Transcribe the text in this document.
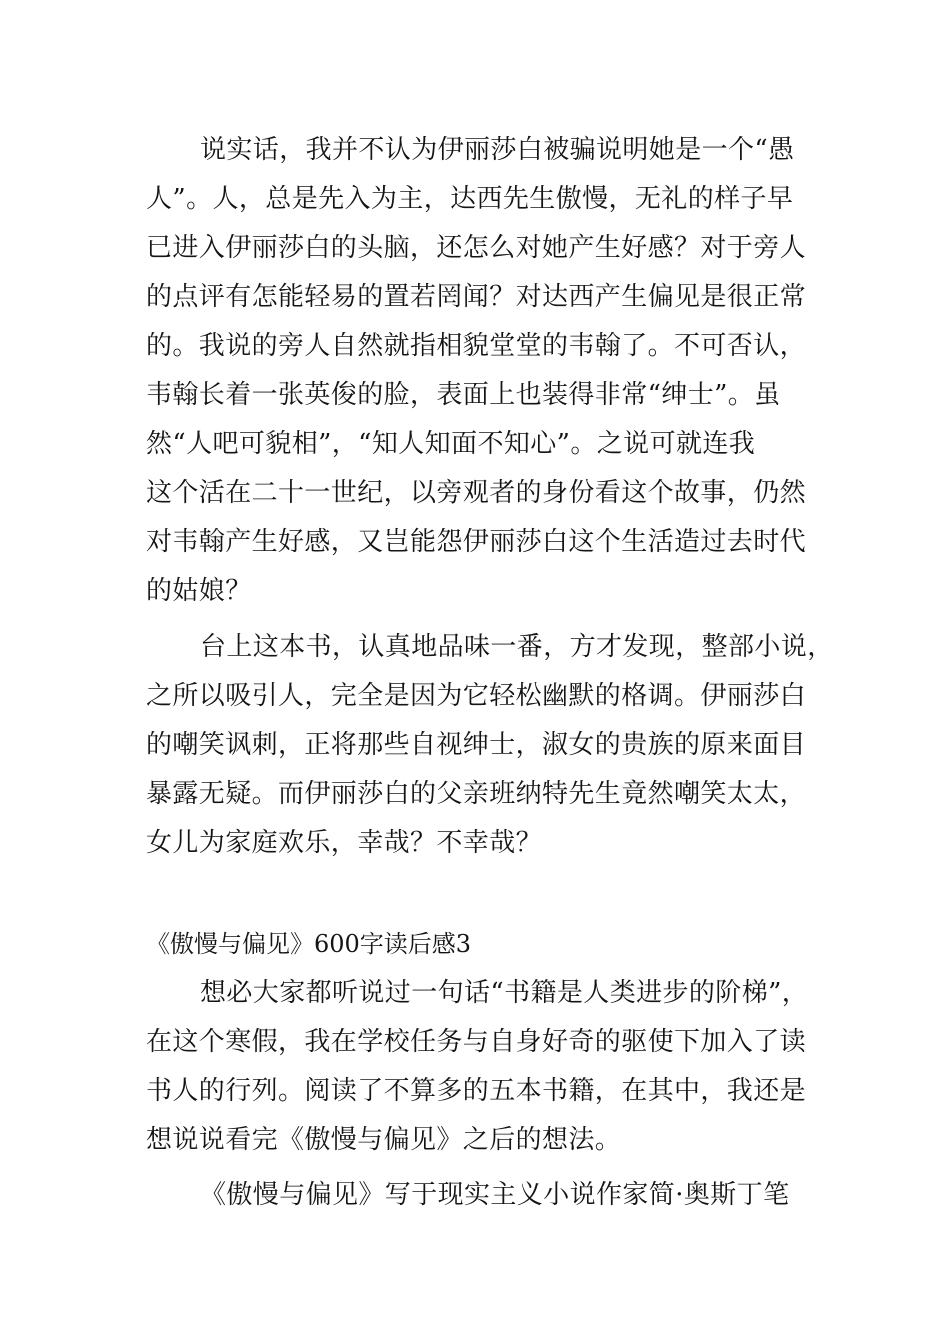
说实话，我并不认为伊丽莎白被骗说明她是一个“愚
人”。人，总是先入为主，达西先生傲慢，无礼的样子早
已进入伊丽莎白的头脑，还怎么对她产生好感？对于旁人
的点评有怎能轻易的置若罔闻？对达西产生偏见是很正常
的。我说的旁人自然就指相貌堂堂的韦翰了。不可否认，
韦翰长着一张英俊的脸，表面上也装得非常“绅士”。虽
然“人吧可貌相”，“知人知面不知心”。之说可就连我
这个活在二十一世纪，以旁观者的身份看这个故事，仍然
对韦翰产生好感，又岂能怨伊丽莎白这个生活造过去时代
的姑娘？
台上这本书，认真地品味一番，方才发现，整部小说，
之所以吸引人，完全是因为它轻松幽默的格调。伊丽莎白
的嘲笑讽刺，正将那些自视绅士，淑女的贵族的原来面目
暴露无疑。而伊丽莎白的父亲班纳特先生竟然嘲笑太太，
女儿为家庭欢乐，幸哉？不幸哉？
《傲慢与偏见》600字读后感3
想必大家都听说过一句话“书籍是人类进步的阶梯”，
在这个寒假，我在学校任务与自身好奇的驱使下加入了读
书人的行列。阅读了不算多的五本书籍，在其中，我还是
想说说看完《傲慢与偏见》之后的想法。
《傲慢与偏见》写于现实主义小说作家简·奥斯丁笔
